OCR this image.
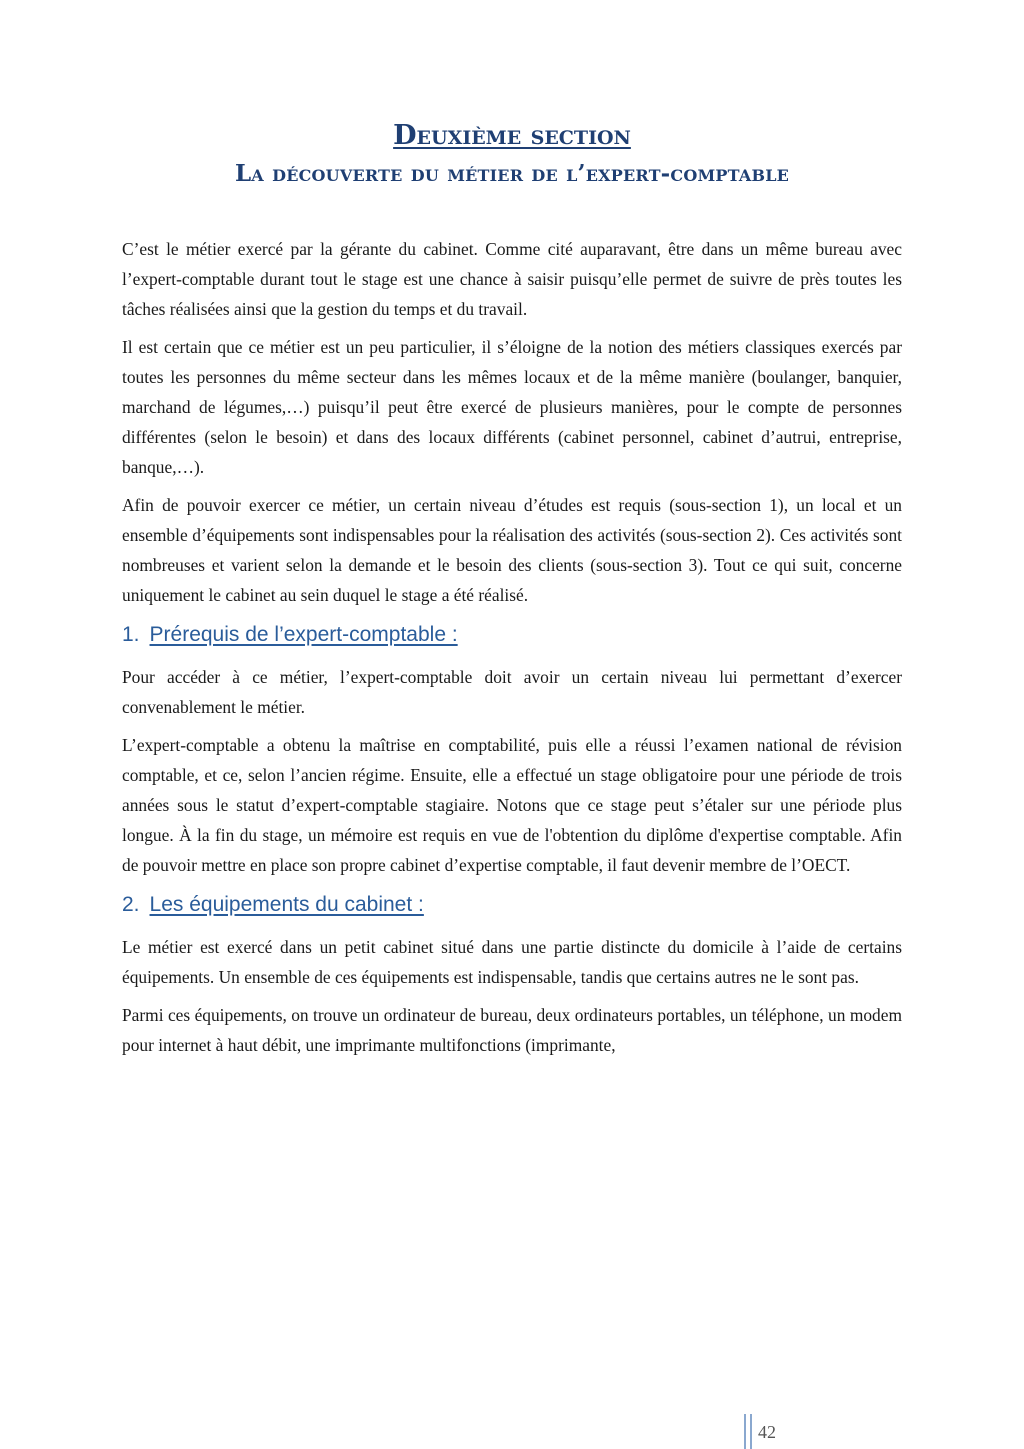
Deuxième section
La découverte du métier de l’expert-comptable

C’est le métier exercé par la gérante du cabinet. Comme cité auparavant, être dans un même bureau avec l’expert-comptable durant tout le stage est une chance à saisir puisqu’elle permet de suivre de près toutes les tâches réalisées ainsi que la gestion du temps et du travail.

Il est certain que ce métier est un peu particulier, il s’éloigne de la notion des métiers classiques exercés par toutes les personnes du même secteur dans les mêmes locaux et de la même manière (boulanger, banquier, marchand de légumes,…) puisqu’il peut être exercé de plusieurs manières, pour le compte de personnes différentes (selon le besoin) et dans des locaux différents (cabinet personnel, cabinet d’autrui, entreprise, banque,…).

Afin de pouvoir exercer ce métier, un certain niveau d’études est requis (sous-section 1), un local et un ensemble d’équipements sont indispensables pour la réalisation des activités (sous-section 2). Ces activités sont nombreuses et varient selon la demande et le besoin des clients (sous-section 3). Tout ce qui suit, concerne uniquement le cabinet au sein duquel le stage a été réalisé.

1. Prérequis de l’expert-comptable :

Pour accéder à ce métier, l’expert-comptable doit avoir un certain niveau lui permettant d’exercer convenablement le métier.

L’expert-comptable a obtenu la maîtrise en comptabilité, puis elle a réussi l’examen national de révision comptable, et ce, selon l’ancien régime. Ensuite, elle a effectué un stage obligatoire pour une période de trois années sous le statut d’expert-comptable stagiaire. Notons que ce stage peut s’étaler sur une période plus longue. À la fin du stage, un mémoire est requis en vue de l'obtention du diplôme d'expertise comptable. Afin de pouvoir mettre en place son propre cabinet d’expertise comptable, il faut devenir membre de l’OECT.

2. Les équipements du cabinet :

Le métier est exercé dans un petit cabinet situé dans une partie distincte du domicile à l’aide de certains équipements. Un ensemble de ces équipements est indispensable, tandis que certains autres ne le sont pas.

Parmi ces équipements, on trouve un ordinateur de bureau, deux ordinateurs portables, un téléphone, un modem pour internet à haut débit, une imprimante multifonctions (imprimante,

42
